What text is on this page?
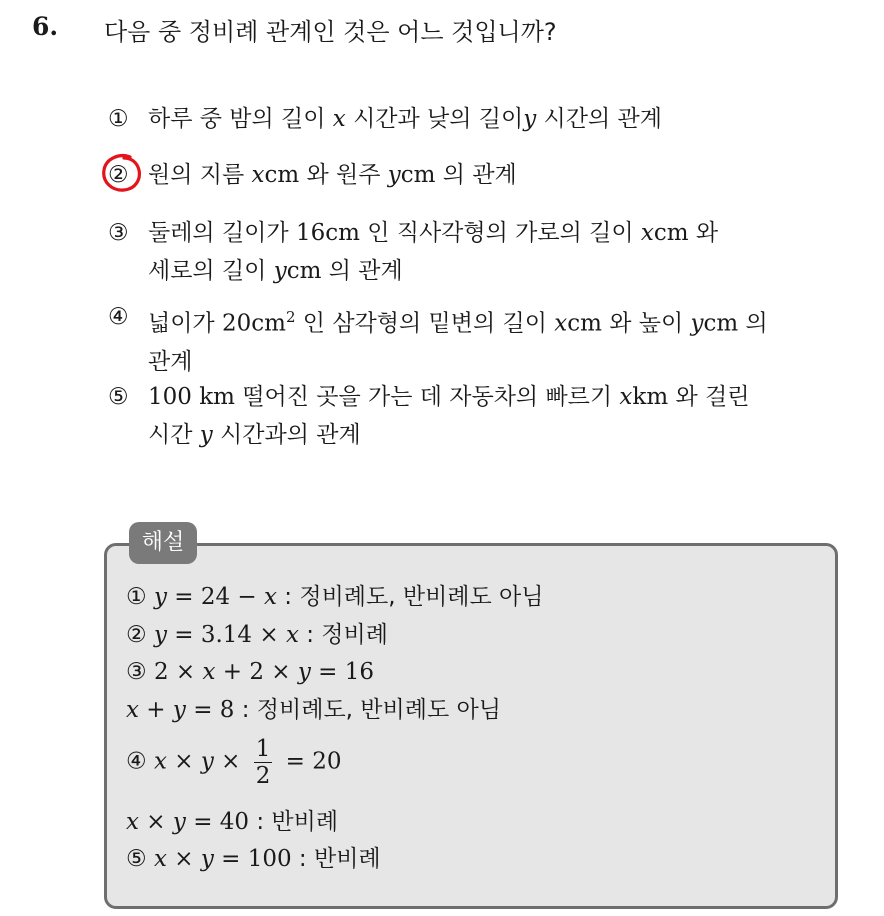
6. 다음 중 정비례 관계인 것은 어느 것입니까?
① 하루 중 밤의 길이 x 시간과 낮의 길이y 시간의 관계
② 원의 지름 xcm 와 원주 ycm 의 관계
③ 둘레의 길이가 16cm 인 직사각형의 가로의 길이 xcm 와
세로의 길이 ycm 의 관계
④ 넓이가 $20cm^2$ 인 삼각형의 밑변의 길이 xcm 와 높이 ycm 의
관계
⑤ 100 km 떨어진 곳을 가는 데 자동차의 빠르기 xkm 와 걸린
시간 y 시간과의 관계
해설
① y = 24 − x : 정비례도, 반비례도 아님
② y = 3.14 × x : 정비례
③ 2 × x + 2 × y = 16
x + y = 8 : 정비례도, 반비례도 아님
④ $x \times y \times \frac{1}{2} = 20$
x × y = 40 : 반비례
⑤ x × y = 100 : 반비례
